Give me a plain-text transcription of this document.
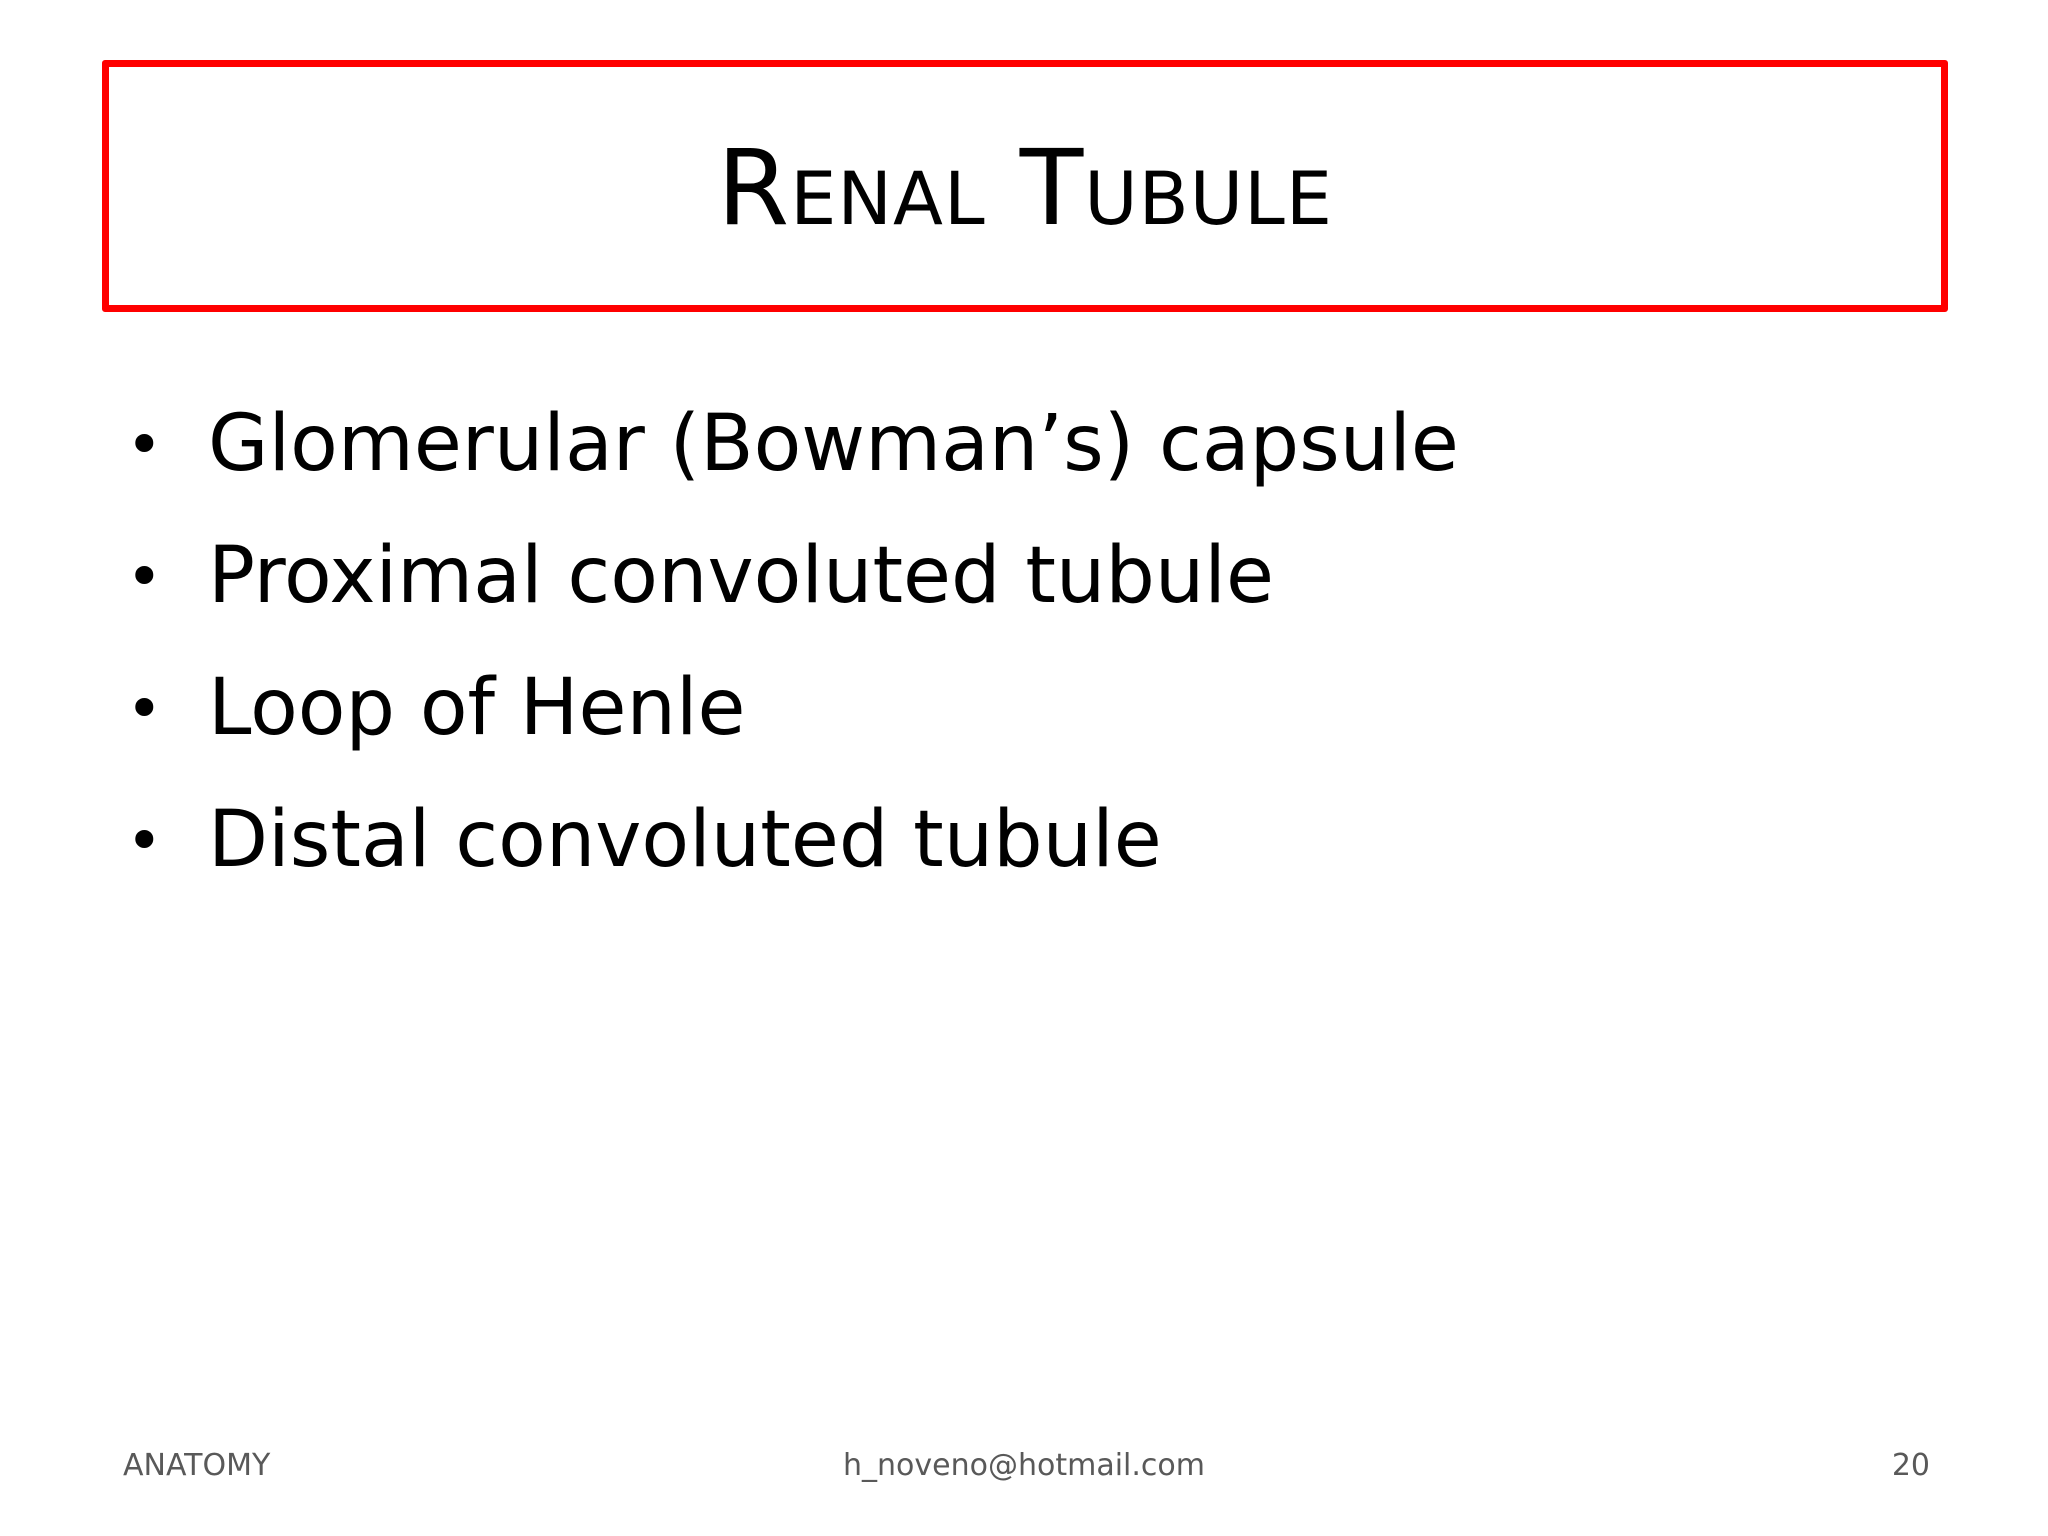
Renal Tubule
• Glomerular (Bowman’s) capsule
• Proximal convoluted tubule
• Loop of Henle
• Distal convoluted tubule
ANATOMY	h_noveno@hotmail.com	20
